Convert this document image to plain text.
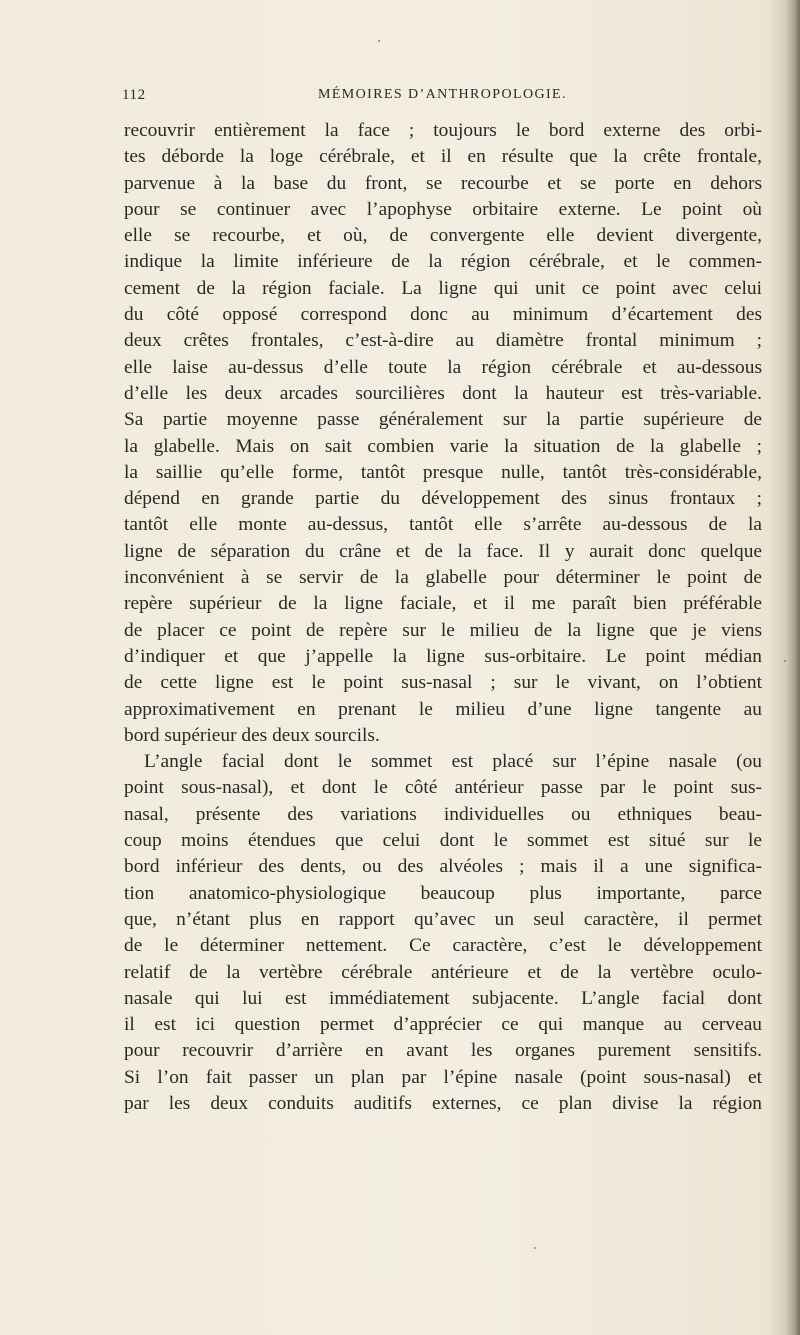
112	MÉMOIRES D’ANTHROPOLOGIE.
recouvrir entièrement la face ; toujours le bord externe des orbi-
tes déborde la loge cérébrale, et il en résulte que la crête frontale,
parvenue à la base du front, se recourbe et se porte en dehors
pour se continuer avec l’apophyse orbitaire externe. Le point où
elle se recourbe, et où, de convergente elle devient divergente,
indique la limite inférieure de la région cérébrale, et le commen-
cement de la région faciale. La ligne qui unit ce point avec celui
du côté opposé correspond donc au minimum d’écartement des
deux crêtes frontales, c’est-à-dire au diamètre frontal minimum ;
elle laise au-dessus d’elle toute la région cérébrale et au-dessous
d’elle les deux arcades sourcilières dont la hauteur est très-variable.
Sa partie moyenne passe généralement sur la partie supérieure de
la glabelle. Mais on sait combien varie la situation de la glabelle ;
la saillie qu’elle forme, tantôt presque nulle, tantôt très-considérable,
dépend en grande partie du développement des sinus frontaux ;
tantôt elle monte au-dessus, tantôt elle s’arrête au-dessous de la
ligne de séparation du crâne et de la face. Il y aurait donc quelque
inconvénient à se servir de la glabelle pour déterminer le point de
repère supérieur de la ligne faciale, et il me paraît bien préférable
de placer ce point de repère sur le milieu de la ligne que je viens
d’indiquer et que j’appelle la ligne sus-orbitaire. Le point médian
de cette ligne est le point sus-nasal ; sur le vivant, on l’obtient
approximativement en prenant le milieu d’une ligne tangente au
bord supérieur des deux sourcils.
L’angle facial dont le sommet est placé sur l’épine nasale (ou
point sous-nasal), et dont le côté antérieur passe par le point sus-
nasal, présente des variations individuelles ou ethniques beau-
coup moins étendues que celui dont le sommet est situé sur le
bord inférieur des dents, ou des alvéoles ; mais il a une significa-
tion anatomico-physiologique beaucoup plus importante, parce
que, n’étant plus en rapport qu’avec un seul caractère, il permet
de le déterminer nettement. Ce caractère, c’est le développement
relatif de la vertèbre cérébrale antérieure et de la vertèbre oculo-
nasale qui lui est immédiatement subjacente. L’angle facial dont
il est ici question permet d’apprécier ce qui manque au cerveau
pour recouvrir d’arrière en avant les organes purement sensitifs.
Si l’on fait passer un plan par l’épine nasale (point sous-nasal) et
par les deux conduits auditifs externes, ce plan divise la région
